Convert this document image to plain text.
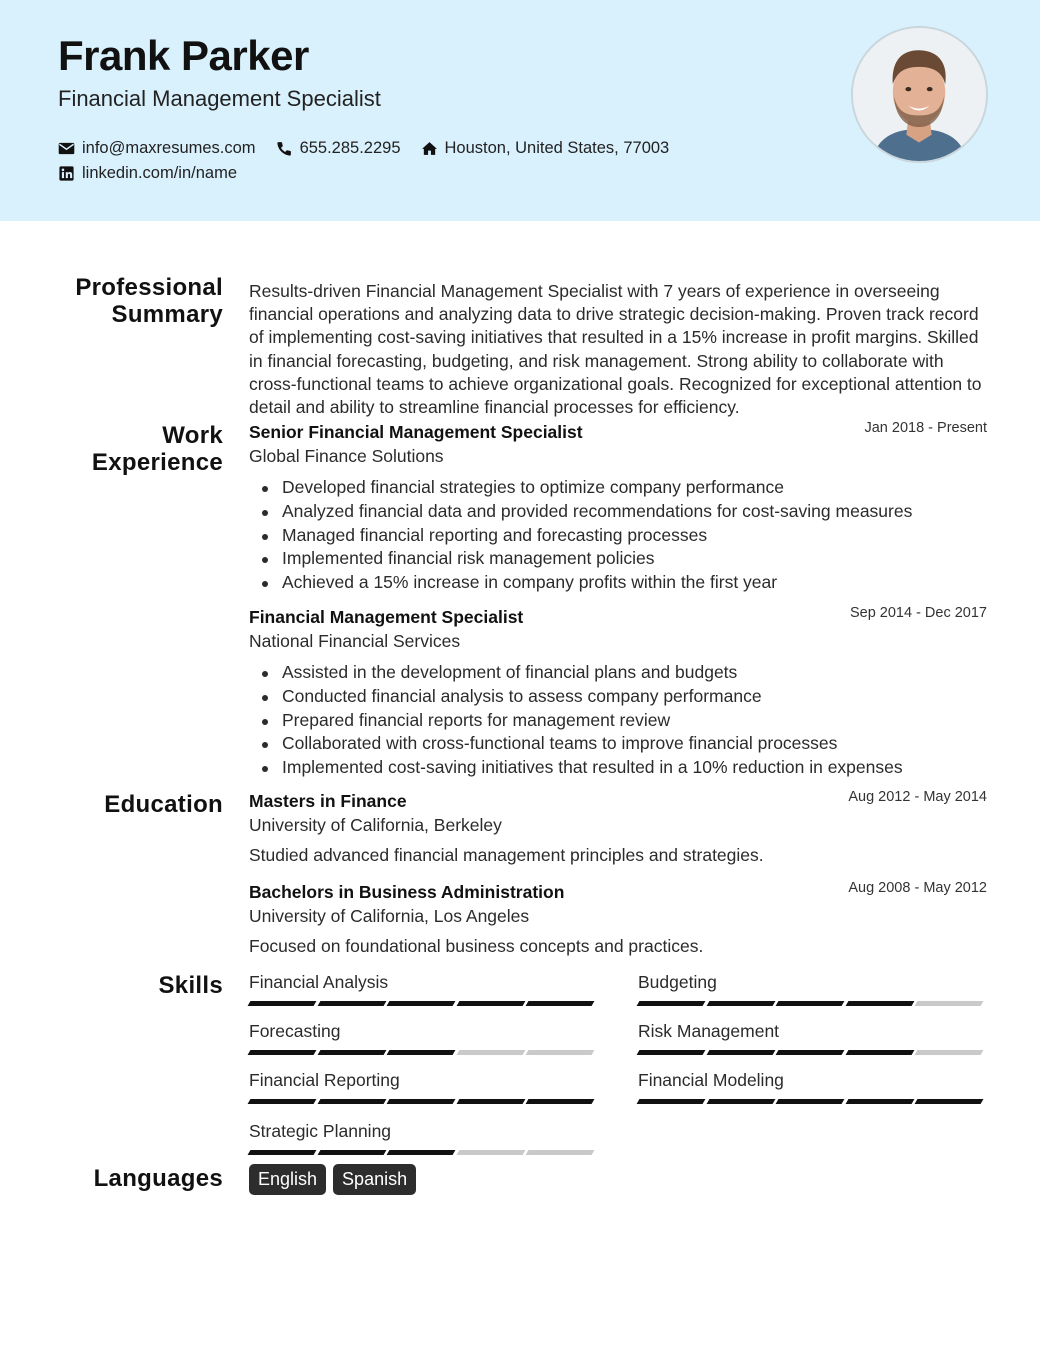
Frank Parker
Financial Management Specialist
info@maxresumes.com	655.285.2295	Houston, United States, 77003
linkedin.com/in/name
Professional
Summary
Work
Experience
Education
Skills
Languages
Results-driven Financial Management Specialist with 7 years of experience in overseeing financial operations and analyzing data to drive strategic decision-making. Proven track record of implementing cost-saving initiatives that resulted in a 15% increase in profit margins. Skilled in financial forecasting, budgeting, and risk management. Strong ability to collaborate with cross-functional teams to achieve organizational goals. Recognized for exceptional attention to detail and ability to streamline financial processes for efficiency.
Senior Financial Management Specialist	Jan 2018 - Present
Global Finance Solutions
Developed financial strategies to optimize company performance
Analyzed financial data and provided recommendations for cost-saving measures
Managed financial reporting and forecasting processes
Implemented financial risk management policies
Achieved a 15% increase in company profits within the first year
Financial Management Specialist	Sep 2014 - Dec 2017
National Financial Services
Assisted in the development of financial plans and budgets
Conducted financial analysis to assess company performance
Prepared financial reports for management review
Collaborated with cross-functional teams to improve financial processes
Implemented cost-saving initiatives that resulted in a 10% reduction in expenses
Masters in Finance	Aug 2012 - May 2014
University of California, Berkeley
Studied advanced financial management principles and strategies.
Bachelors in Business Administration	Aug 2008 - May 2012
University of California, Los Angeles
Focused on foundational business concepts and practices.
Financial Analysis	Budgeting
Forecasting	Risk Management
Financial Reporting	Financial Modeling
Strategic Planning
English	Spanish
